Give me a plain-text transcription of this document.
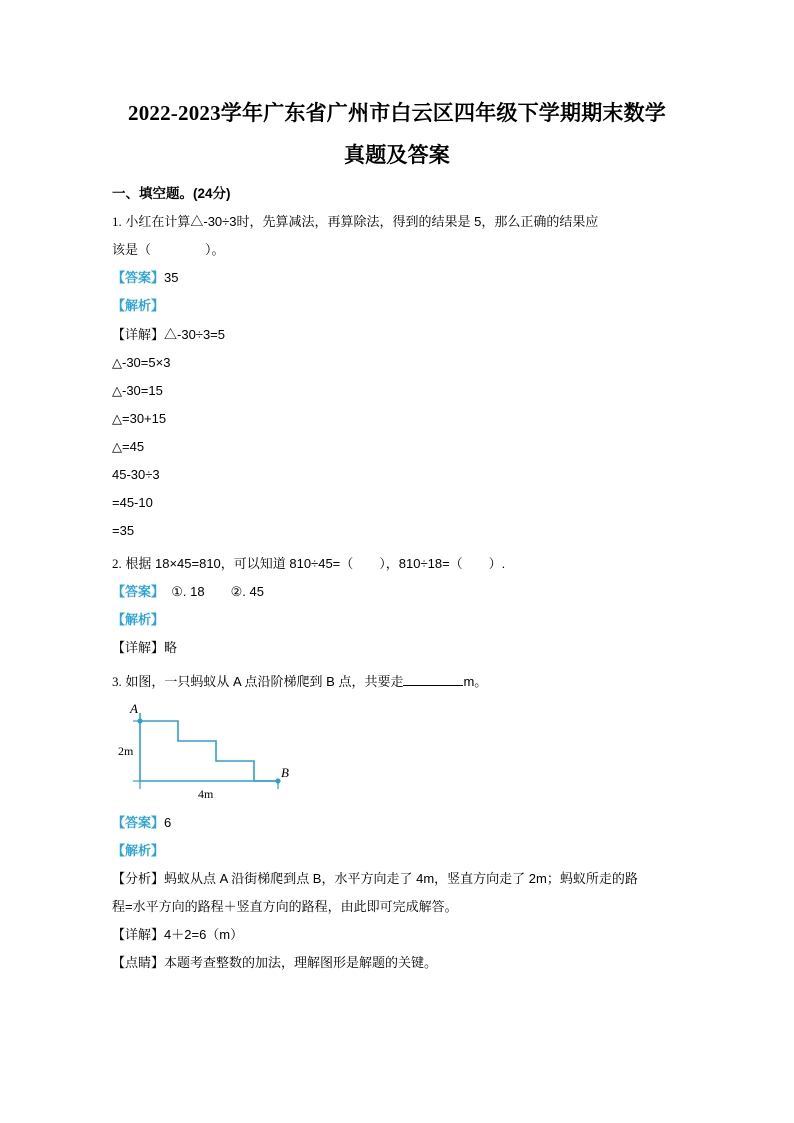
2022-2023学年广东省广州市白云区四年级下学期期末数学
真题及答案
一、填空题。(24分)
1. 小红在计算△-30÷3时，先算减法，再算除法，得到的结果是 5，那么正确的结果应
该是（	）。
【答案】35
【解析】
【详解】△-30÷3=5
△-30=5×3
△-30=15
△=30+15
△=45
45-30÷3
=45-10
=35
2. 根据 18×45=810，可以知道 810÷45=（ ），810÷18=（ ）.
【答案】 ①. 18　　②. 45
【解析】
【详解】略
3. 如图，一只蚂蚁从 A 点沿阶梯爬到 B 点，共要走	m。
A
B
2m
4m
【答案】6
【解析】
【分析】蚂蚁从点 A 沿街梯爬到点 B，水平方向走了 4m，竖直方向走了 2m；蚂蚁所走的路
程=水平方向的路程＋竖直方向的路程，由此即可完成解答。
【详解】4＋2=6（m）
【点睛】本题考查整数的加法，理解图形是解题的关键。
